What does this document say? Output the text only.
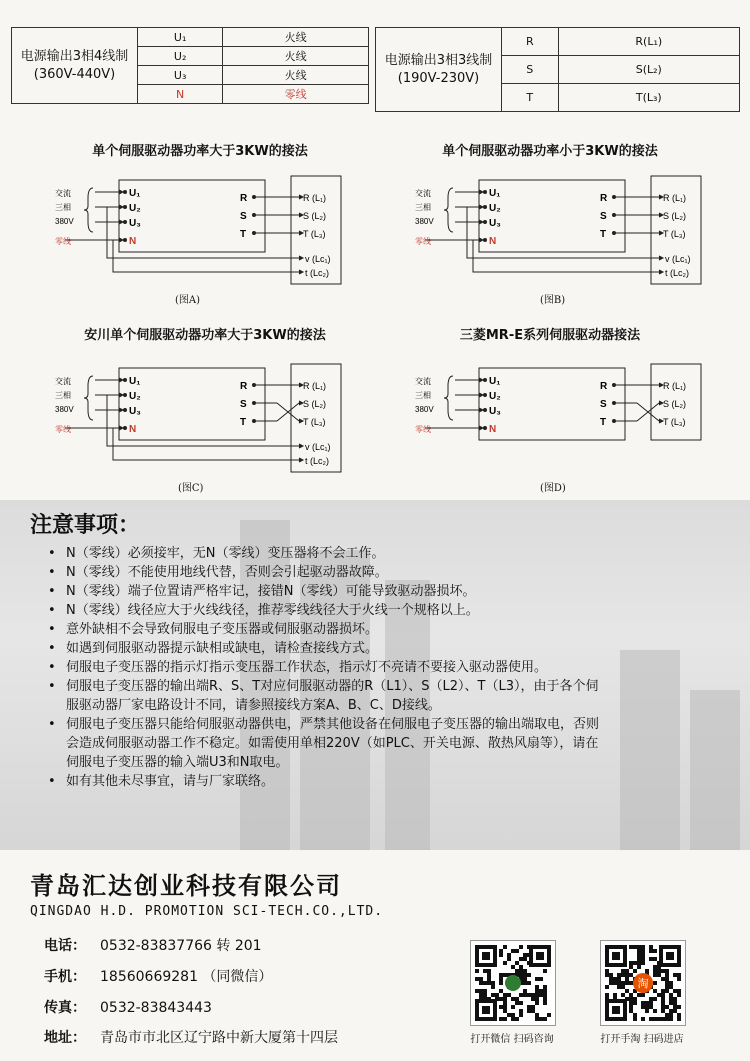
电源输出3相4线制
(360V-440V)	U₁	火线
	U₂	火线
	U₃	火线
	N	零线
电源输出3相3线制
(190V-230V)	R	R(L₁)
	S	S(L₂)
	T	T(L₃)
单个伺服驱动器功率大于3KW的接法	单个伺服驱动器功率小于3KW的接法
安川单个伺服驱动器功率大于3KW的接法	三菱MR-E系列伺服驱动器接法
交流
三相
380V
零线
U₁
U₂
U₃
N
R
S
T
R (L₁)
S (L₂)
T (L₃)
v (Lc₁)
t (Lc₂)
交流
三相
380V
零线
U₁
U₂
U₃
N
R
S
T
R (L₁)
S (L₂)
T (L₃)
v (Lc₁)
t (Lc₂)
交流
三相
380V
零线
U₁
U₂
U₃
N
R
S
T
R (L₁)
S (L₂)
T (L₃)
v (Lc₁)
t (Lc₂)
交流
三相
380V
零线
U₁
U₂
U₃
N
R
S
T
R (L₁)
S (L₂)
T (L₃)
(图A)	(图B)
(图C)	(图D)
注意事项：
• N（零线）必须接牢，无N（零线）变压器将不会工作。
• N（零线）不能使用地线代替，否则会引起驱动器故障。
• N（零线）端子位置请严格牢记，接错N（零线）可能导致驱动器损坏。
• N（零线）线径应大于火线线径，推荐零线线径大于火线一个规格以上。
• 意外缺相不会导致伺服电子变压器或伺服驱动器损坏。
• 如遇到伺服驱动器提示缺相或缺电，请检查接线方式。
• 伺服电子变压器的指示灯指示变压器工作状态，指示灯不亮请不要接入驱动器使用。
• 伺服电子变压器的输出端R、S、T对应伺服驱动器的R（L1）、S（L2）、T（L3），由于各个伺服驱动器厂家电路设计不同，请参照接线方案A、B、C、D接线。
• 伺服电子变压器只能给伺服驱动器供电，严禁其他设备在伺服电子变压器的输出端取电，否则会造成伺服驱动器工作不稳定。如需使用单相220V（如PLC、开关电源、散热风扇等），请在伺服电子变压器的输入端U3和N取电。
• 如有其他未尽事宜，请与厂家联络。
青岛汇达创业科技有限公司
QINGDAO H.D. PROMOTION SCI-TECH.CO.,LTD.
电话： 0532-83837766 转 201
手机： 18560669281 （同微信）
传真： 0532-83843443
地址： 青岛市市北区辽宁路中新大厦第十四层
淘
打开微信 扫码咨询	打开手淘 扫码进店
